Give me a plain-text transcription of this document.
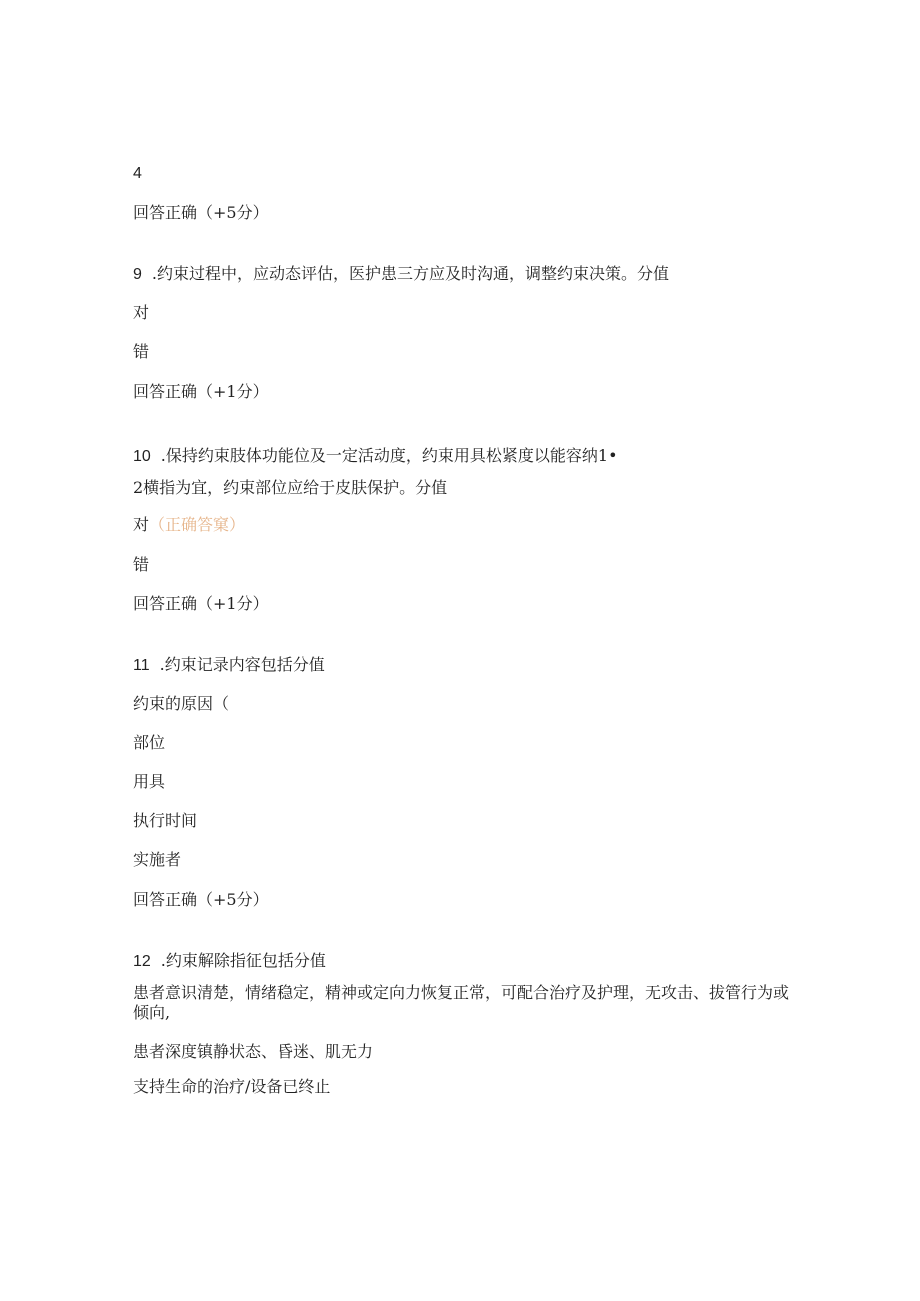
4
回答正确（+5分）
9 .约束过程中，应动态评估，医护患三方应及时沟通，调整约束决策。分值
对
错
回答正确（+1分）
10 .保持约束肢体功能位及一定活动度，约束用具松紧度以能容纳1•
2横指为宜，约束部位应给于皮肤保护。分值
对（正确答窠）
错
回答正确（+1分）
11 .约束记录内容包括分值
约束的原因（
部位
用具
执行时间
实施者
回答正确（+5分）
12 .约束解除指征包括分值
患者意识清楚，情绪稳定，精神或定向力恢复正常，可配合治疗及护理，无攻击、拔管行为或倾向,
患者深度镇静状态、昏迷、肌无力
支持生命的治疗/设备已终止
